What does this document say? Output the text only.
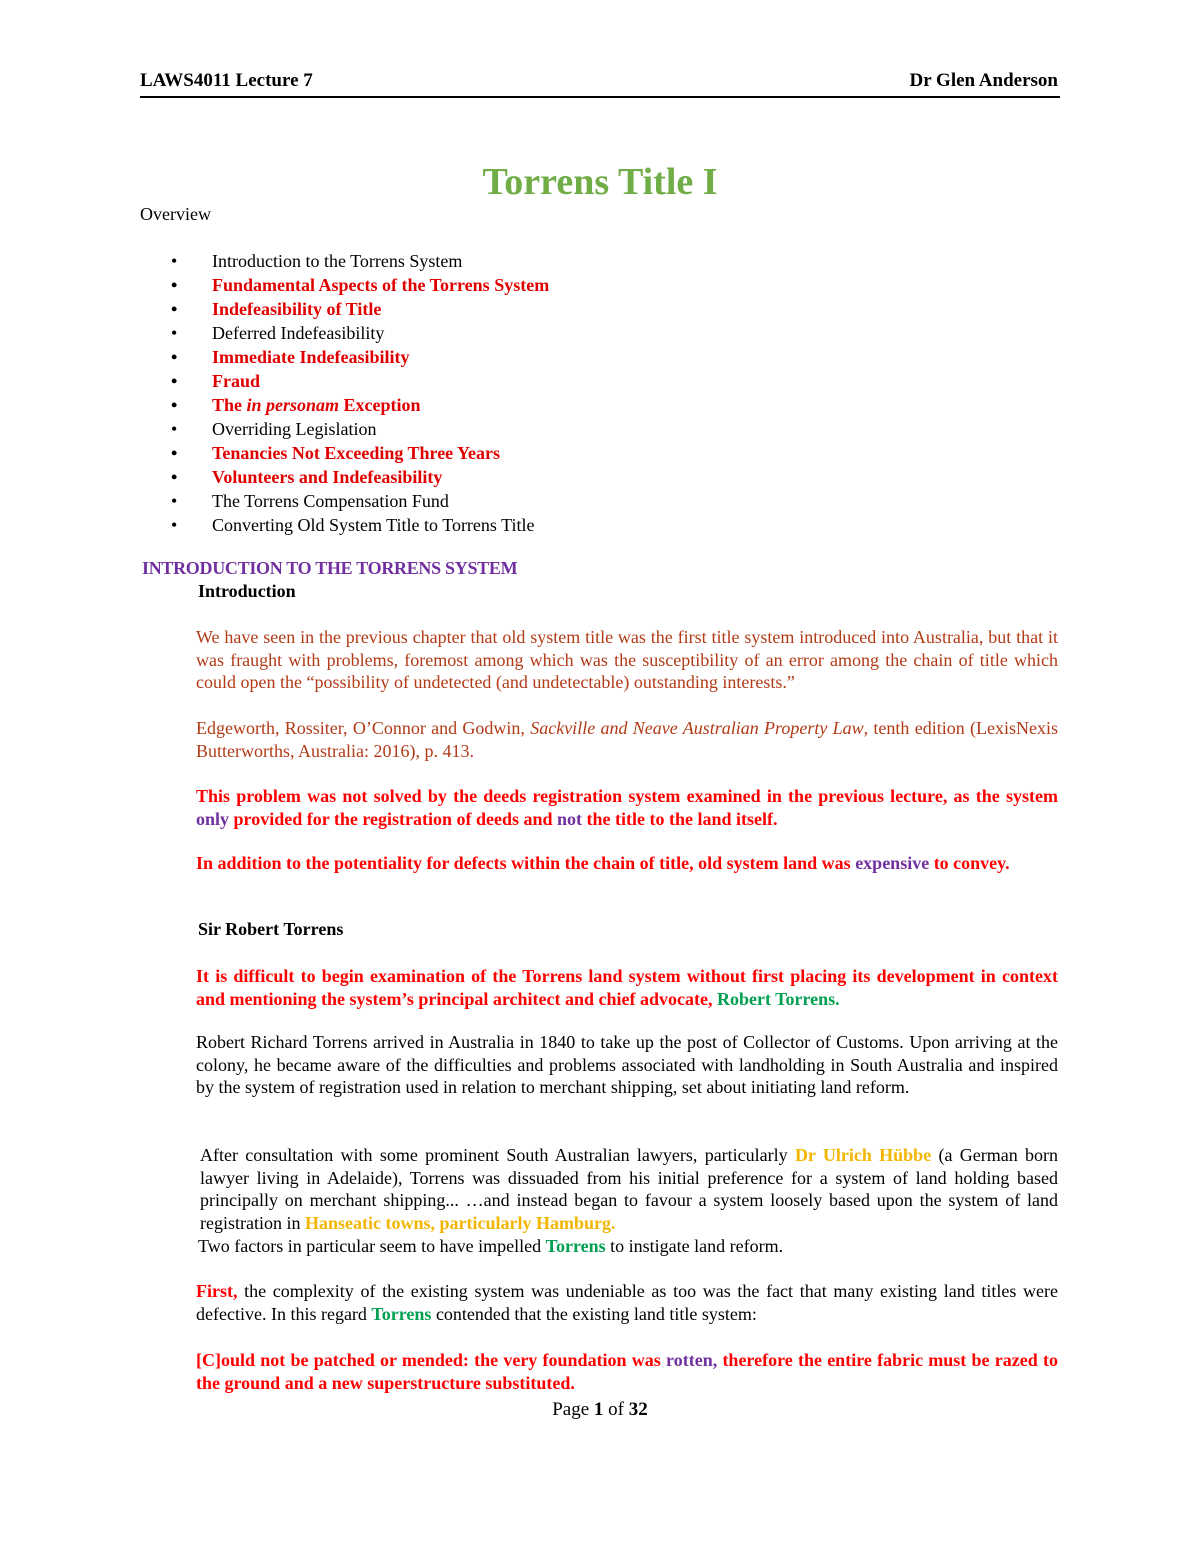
LAWS4011 Lecture 7	Dr Glen Anderson
Torrens Title I
Overview
• Introduction to the Torrens System
• Fundamental Aspects of the Torrens System
• Indefeasibility of Title
• Deferred Indefeasibility
• Immediate Indefeasibility
• Fraud
• The in personam Exception
• Overriding Legislation
• Tenancies Not Exceeding Three Years
• Volunteers and Indefeasibility
• The Torrens Compensation Fund
• Converting Old System Title to Torrens Title
INTRODUCTION TO THE TORRENS SYSTEM
Introduction

We have seen in the previous chapter that old system title was the first title system introduced into Australia, but that it was fraught with problems, foremost among which was the susceptibility of an error among the chain of title which could open the “possibility of undetected (and undetectable) outstanding interests.”

Edgeworth, Rossiter, O’Connor and Godwin, Sackville and Neave Australian Property Law, tenth edition (LexisNexis Butterworths, Australia: 2016), p. 413.

This problem was not solved by the deeds registration system examined in the previous lecture, as the system only provided for the registration of deeds and not the title to the land itself.

In addition to the potentiality for defects within the chain of title, old system land was expensive to convey.

Sir Robert Torrens

It is difficult to begin examination of the Torrens land system without first placing its development in context and mentioning the system’s principal architect and chief advocate, Robert Torrens.

Robert Richard Torrens arrived in Australia in 1840 to take up the post of Collector of Customs. Upon arriving at the colony, he became aware of the difficulties and problems associated with landholding in South Australia and inspired by the system of registration used in relation to merchant shipping, set about initiating land reform.

After consultation with some prominent South Australian lawyers, particularly Dr Ulrich Hübbe (a German born lawyer living in Adelaide), Torrens was dissuaded from his initial preference for a system of land holding based principally on merchant shipping... …and instead began to favour a system loosely based upon the system of land registration in Hanseatic towns, particularly Hamburg.

Two factors in particular seem to have impelled Torrens to instigate land reform.

First, the complexity of the existing system was undeniable as too was the fact that many existing land titles were defective. In this regard Torrens contended that the existing land title system:

[C]ould not be patched or mended: the very foundation was rotten, therefore the entire fabric must be razed to the ground and a new superstructure substituted.

Page 1 of 32
